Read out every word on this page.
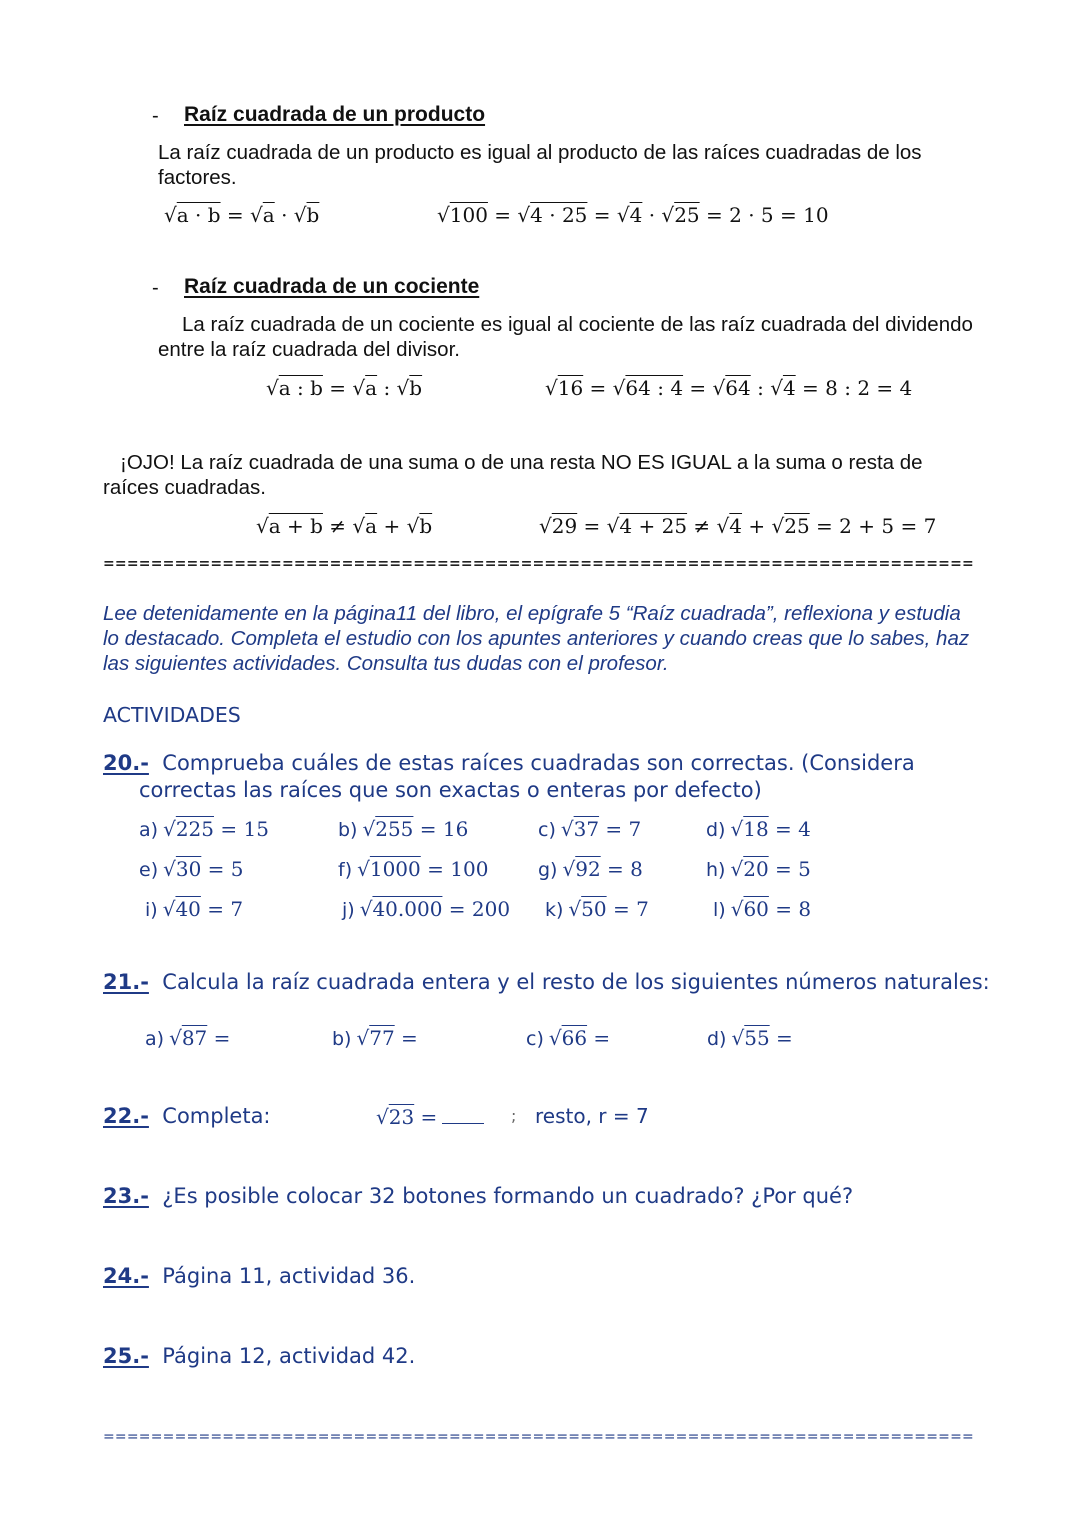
- Raíz cuadrada de un producto
La raíz cuadrada de un producto es igual al producto de las raíces cuadradas de los factores.
√a · b = √a · √b	√100 = √4 · 25 = √4 · √25 = 2 · 5 = 10
- Raíz cuadrada de un cociente
La raíz cuadrada de un cociente es igual al cociente de las raíz cuadrada del dividendo
entre la raíz cuadrada del divisor.
√a : b = √a : √b	√16 = √64 : 4 = √64 : √4 = 8 : 2 = 4
¡OJO! La raíz cuadrada de una suma o de una resta NO ES IGUAL a la suma o resta de
raíces cuadradas.
√a + b ≠ √a + √b	√29 = √4 + 25 ≠ √4 + √25 = 2 + 5 = 7
=========================================================================
Lee detenidamente en la página11 del libro, el epígrafe 5 “Raíz cuadrada”, reflexiona y estudia
lo destacado. Completa el estudio con los apuntes anteriores y cuando creas que lo sabes, haz
las siguientes actividades. Consulta tus dudas con el profesor.
ACTIVIDADES
20.- Comprueba cuáles de estas raíces cuadradas son correctas. (Considera
correctas las raíces que son exactas o enteras por defecto)
a) √225 = 15	b) √255 = 16	c) √37 = 7	d) √18 = 4
e) √30 = 5	f) √1000 = 100	g) √92 = 8	h) √20 = 5
i) √40 = 7	j) √40.000 = 200 k) √50 = 7	l) √60 = 8
21.- Calcula la raíz cuadrada entera y el resto de los siguientes números naturales:
a) √87 =	b) √77 =	c) √66 =	d) √55 =
22.- Completa:	√23 =	; resto, r = 7
23.- ¿Es posible colocar 32 botones formando un cuadrado? ¿Por qué?
24.- Página 11, actividad 36.
25.- Página 12, actividad 42.
=========================================================================
